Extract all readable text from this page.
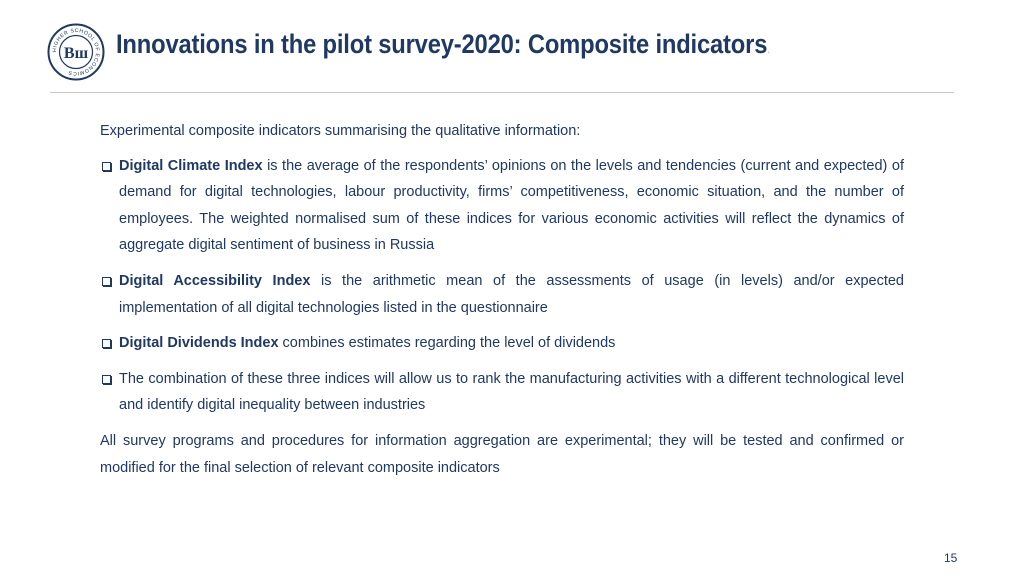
HIGHER SCHOOL OF ECONOMICS
Вш Innovations in the pilot survey-2020: Composite indicators.

Experimental composite indicators summarising the qualitative information:

Digital Climate Index is the average of the respondents’ opinions on the levels and tendencies (current and expected) of demand for digital technologies, labour productivity, firms’ competitiveness, economic situation, and the number of employees. The weighted normalised sum of these indices for various economic activities will reflect the dynamics of aggregate digital sentiment of business in Russia

Digital Accessibility Index is the arithmetic mean of the assessments of usage (in levels) and/or expected implementation of all digital technologies listed in the questionnaire

Digital Dividends Index combines estimates regarding the level of dividends

The combination of these three indices will allow us to rank the manufacturing activities with a different technological level and identify digital inequality between industries

All survey programs and procedures for information aggregation are experimental; they will be tested and confirmed or modified for the final selection of relevant composite indicators

15
